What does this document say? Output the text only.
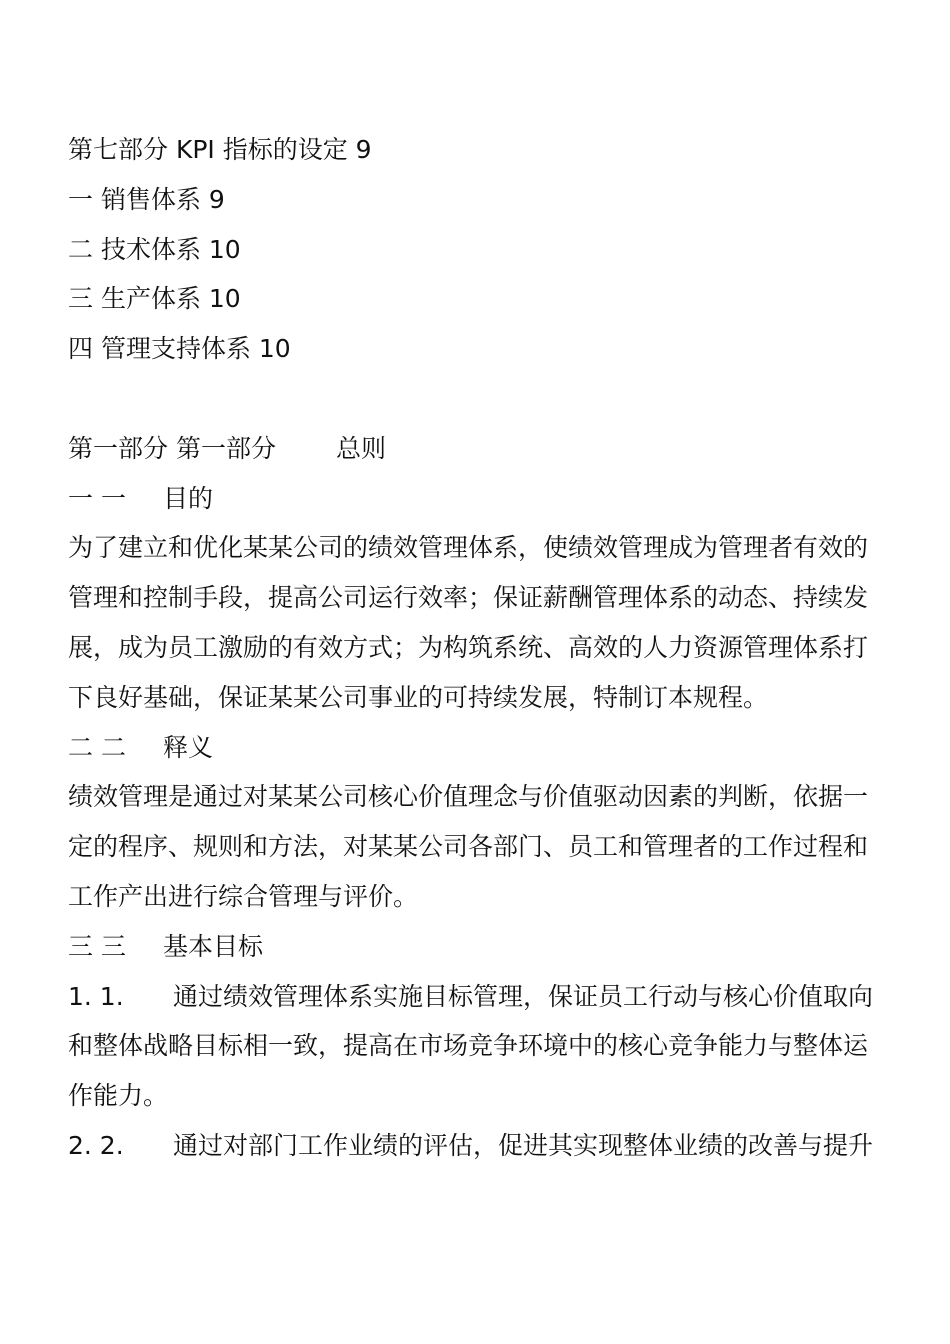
第七部分 KPI 指标的设定 9
一 销售体系 9
二 技术体系 10
三 生产体系 10
四 管理支持体系 10
第一部分 第一部分 总则
一 一 目的
为了建立和优化某某公司的绩效管理体系，使绩效管理成为管理者有效的
管理和控制手段，提高公司运行效率；保证薪酬管理体系的动态、持续发
展，成为员工激励的有效方式；为构筑系统、高效的人力资源管理体系打
下良好基础，保证某某公司事业的可持续发展，特制订本规程。
二 二 释义
绩效管理是通过对某某公司核心价值理念与价值驱动因素的判断，依据一
定的程序、规则和方法，对某某公司各部门、员工和管理者的工作过程和
工作产出进行综合管理与评价。
三 三 基本目标
1. 1. 通过绩效管理体系实施目标管理，保证员工行动与核心价值取向
和整体战略目标相一致，提高在市场竞争环境中的核心竞争能力与整体运
作能力。
2. 2. 通过对部门工作业绩的评估，促进其实现整体业绩的改善与提升
